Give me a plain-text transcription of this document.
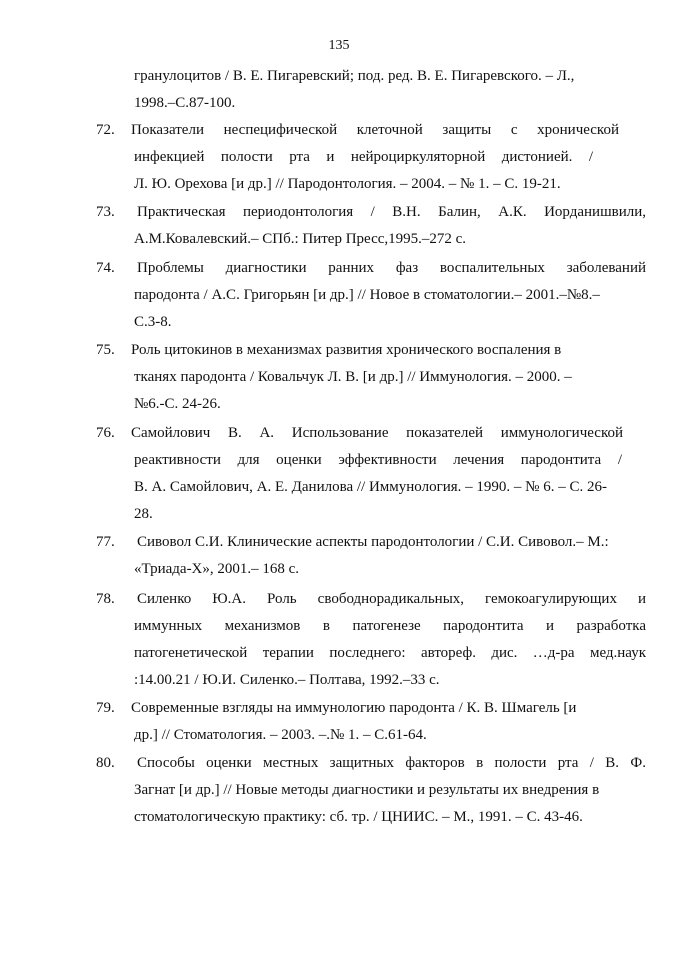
135
гранулоцитов / В. Е. Пигаревский; под. ред. В. Е. Пигаревского. – Л.,
1998.–С.87-100.
72. Показатели неспецифической клеточной защиты с хронической
инфекцией полости рта и нейроциркуляторной дистонией. /
Л. Ю. Орехова [и др.] // Пародонтология. – 2004. – № 1. – С. 19-21.
73. Практическая периодонтология / В.Н. Балин, А.К. Иорданишвили,
А.М.Ковалевский.– СПб.: Питер Пресс,1995.–272 с.
74. Проблемы диагностики ранних фаз воспалительных заболеваний
пародонта / А.С. Григорьян [и др.] // Новое в стоматологии.– 2001.–№8.–
С.3-8.
75. Роль цитокинов в механизмах развития хронического воспаления в
тканях пародонта / Ковальчук Л. В. [и др.] // Иммунология. – 2000. –
№6.-С. 24-26.
76. Самойлович В. А. Использование показателей иммунологической
реактивности для оценки эффективности лечения пародонтита /
В. А. Самойлович, А. Е. Данилова // Иммунология. – 1990. – № 6. – С. 26-
28.
77. Сивовол С.И. Клинические аспекты пародонтологии / С.И. Сивовол.– М.:
«Триада-Х», 2001.– 168 с.
78. Силенко Ю.А. Роль свободнорадикальных, гемокоагулирующих и
иммунных механизмов в патогенезе пародонтита и разработка
патогенетической терапии последнего: автореф. дис. …д-ра мед.наук
:14.00.21 / Ю.И. Силенко.– Полтава, 1992.–33 с.
79. Современные взгляды на иммунологию пародонта / К. В. Шмагель [и
др.] // Стоматология. – 2003. –.№ 1. – С.61-64.
80. Способы оценки местных защитных факторов в полости рта / В. Ф.
Загнат [и др.] // Новые методы диагностики и результаты их внедрения в
стоматологическую практику: сб. тр. / ЦНИИС. – М., 1991. – С. 43-46.
